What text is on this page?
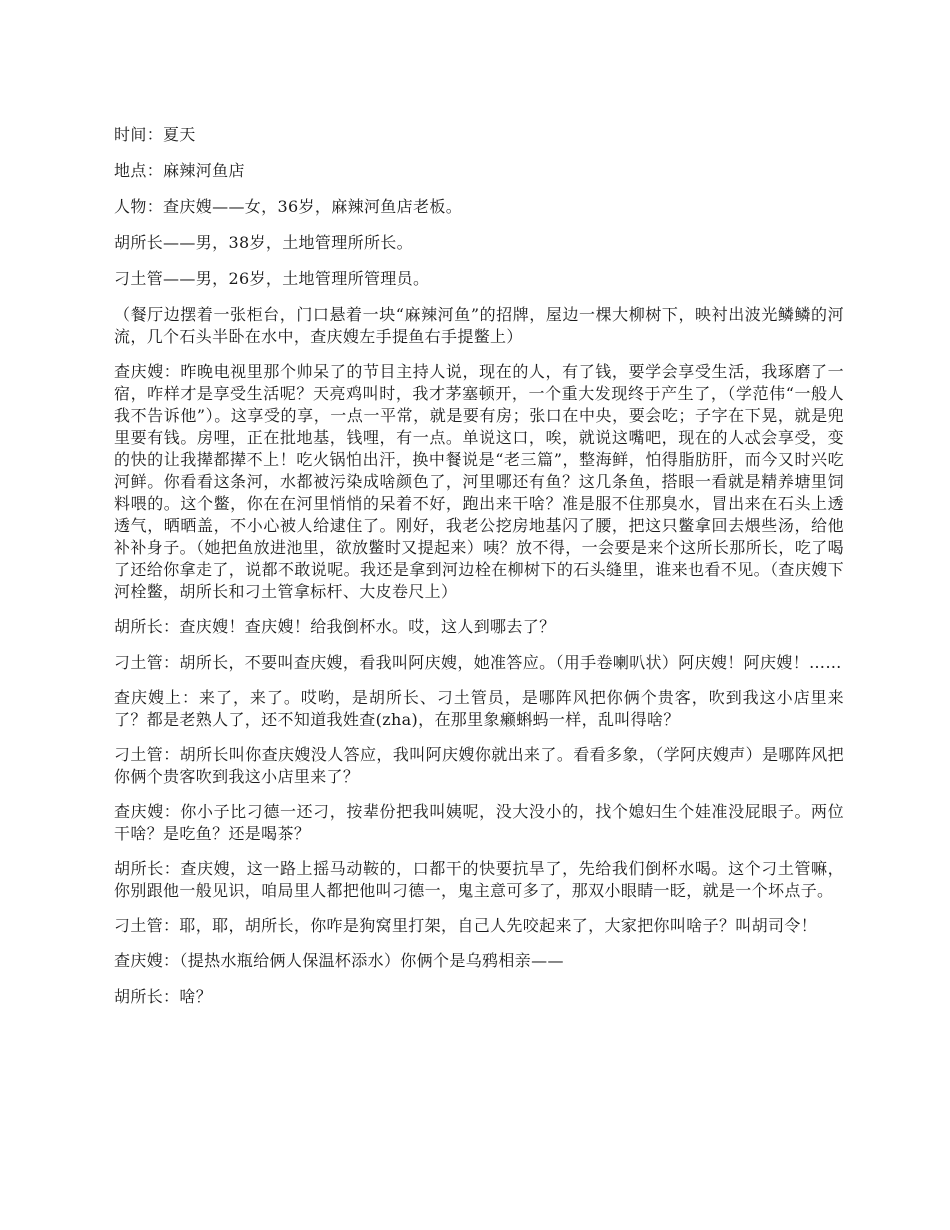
时间：夏天

地点：麻辣河鱼店

人物：查庆嫂——女，36岁，麻辣河鱼店老板。

胡所长——男，38岁，土地管理所所长。

刁土管——男，26岁，土地管理所管理员。

（餐厅边摆着一张柜台，门口悬着一块“麻辣河鱼”的招牌，屋边一棵大柳树下，映衬出波光鳞鳞的河流，几个石头半卧在水中，查庆嫂左手提鱼右手提鳖上）

查庆嫂：昨晚电视里那个帅呆了的节目主持人说，现在的人，有了钱，要学会享受生活，我琢磨了一宿，咋样才是享受生活呢？天亮鸡叫时，我才茅塞顿开，一个重大发现终于产生了，（学范伟“一般人我不告诉他”）。这享受的享，一点一平常，就是要有房；张口在中央，要会吃；子字在下晃，就是兜里要有钱。房哩，正在批地基，钱哩，有一点。单说这口，唉，就说这嘴吧，现在的人忒会享受，变的快的让我撵都撵不上！吃火锅怕出汗，换中餐说是“老三篇”，整海鲜，怕得脂肪肝，而今又时兴吃河鲜。你看看这条河，水都被污染成啥颜色了，河里哪还有鱼？这几条鱼，搭眼一看就是精养塘里饲料喂的。这个鳖，你在在河里悄悄的呆着不好，跑出来干啥？准是服不住那臭水，冒出来在石头上透透气，晒晒盖，不小心被人给逮住了。刚好，我老公挖房地基闪了腰，把这只鳖拿回去煨些汤，给他补补身子。（她把鱼放进池里，欲放鳖时又提起来）咦？放不得，一会要是来个这所长那所长，吃了喝了还给你拿走了，说都不敢说呢。我还是拿到河边栓在柳树下的石头缝里，谁来也看不见。（查庆嫂下河栓鳖，胡所长和刁土管拿标杆、大皮卷尺上）

胡所长：查庆嫂！查庆嫂！给我倒杯水。哎，这人到哪去了？

刁土管：胡所长，不要叫查庆嫂，看我叫阿庆嫂，她准答应。（用手卷喇叭状）阿庆嫂！阿庆嫂！……

查庆嫂上：来了，来了。哎哟，是胡所长、刁土管员，是哪阵风把你俩个贵客，吹到我这小店里来了？都是老熟人了，还不知道我姓查(zha)，在那里象癞蝌蚂一样，乱叫得啥？

刁土管：胡所长叫你查庆嫂没人答应，我叫阿庆嫂你就出来了。看看多象，（学阿庆嫂声）是哪阵风把你俩个贵客吹到我这小店里来了？

查庆嫂：你小子比刁德一还刁，按辈份把我叫姨呢，没大没小的，找个媳妇生个娃准没屁眼子。两位干啥？是吃鱼？还是喝茶？

胡所长：查庆嫂，这一路上摇马动鞍的，口都干的快要抗旱了，先给我们倒杯水喝。这个刁土管嘛，你别跟他一般见识，咱局里人都把他叫刁德一，鬼主意可多了，那双小眼睛一眨，就是一个坏点子。

刁土管：耶，耶，胡所长，你咋是狗窝里打架，自己人先咬起来了，大家把你叫啥子？叫胡司令！

查庆嫂：（提热水瓶给俩人保温杯添水）你俩个是乌鸦相亲——

胡所长：啥？
